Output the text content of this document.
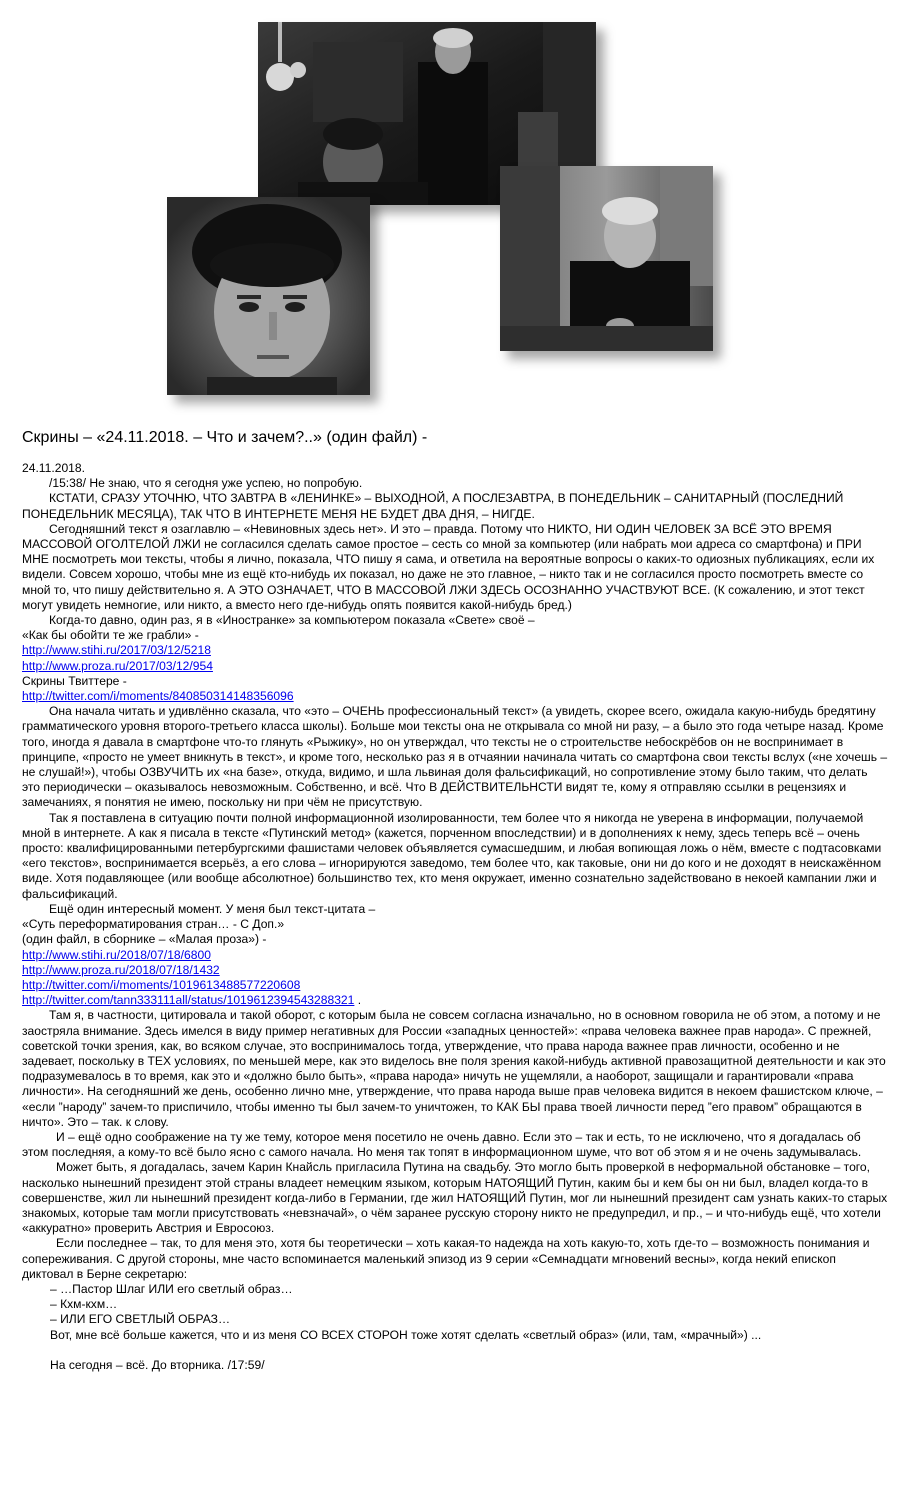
Скрины – «24.11.2018. – Что и зачем?..» (один файл) -

24.11.2018.

/15:38/ Не знаю, что я сегодня уже успею, но попробую.

КСТАТИ, СРАЗУ УТОЧНЮ, ЧТО ЗАВТРА В «ЛЕНИНКЕ» – ВЫХОДНОЙ, А ПОСЛЕЗАВТРА, В ПОНЕДЕЛЬНИК – САНИТАРНЫЙ (ПОСЛЕДНИЙ ПОНЕДЕЛЬНИК МЕСЯЦА), ТАК ЧТО В ИНТЕРНЕТЕ МЕНЯ НЕ БУДЕТ ДВА ДНЯ, – НИГДЕ.

Сегодняшний текст я озаглавлю – «Невиновных здесь нет». И это – правда. Потому что НИКТО, НИ ОДИН ЧЕЛОВЕК ЗА ВСЁ ЭТО ВРЕМЯ МАССОВОЙ ОГОЛТЕЛОЙ ЛЖИ не согласился сделать самое простое – сесть со мной за компьютер (или набрать мои адреса со смартфона) и ПРИ МНЕ посмотреть мои тексты, чтобы я лично, показала, ЧТО пишу я сама, и ответила на вероятные вопросы о каких-то одиозных публикациях, если их видели. Совсем хорошо, чтобы мне из ещё кто-нибудь их показал, но даже не это главное, – никто так и не согласился просто посмотреть вместе со мной то, что пишу действительно я. А ЭТО ОЗНАЧАЕТ, ЧТО В МАССОВОЙ ЛЖИ ЗДЕСЬ ОСОЗНАННО УЧАСТВУЮТ ВСЕ. (К сожалению, и этот текст могут увидеть немногие, или никто, а вместо него где-нибудь опять появится какой-нибудь бред.)

Когда-то давно, один раз, я в «Иностранке» за компьютером показала «Свете» своё –

«Как бы обойти те же грабли» -

http://www.stihi.ru/2017/03/12/5218

http://www.proza.ru/2017/03/12/954

Скрины Твиттере -

http://twitter.com/i/moments/840850314148356096

Она начала читать и удивлённо сказала, что «это – ОЧЕНЬ профессиональный текст» (а увидеть, скорее всего, ожидала какую-нибудь бредятину грамматического уровня второго-третьего класса школы). Больше мои тексты она не открывала со мной ни разу, – а было это года четыре назад. Кроме того, иногда я давала в смартфоне что-то глянуть «Рыжику», но он утверждал, что тексты не о строительстве небоскрёбов он не воспринимает в принципе, «просто не умеет вникнуть в текст», и кроме того, несколько раз я в отчаянии начинала читать со смартфона свои тексты вслух («не хочешь – не слушай!»), чтобы ОЗВУЧИТЬ их «на базе», откуда, видимо, и шла львиная доля фальсификаций, но сопротивление этому было таким, что делать это периодически – оказывалось невозможным. Собственно, и всё. Что В ДЕЙСТВИТЕЛЬНСТИ видят те, кому я отправляю ссылки в рецензиях и замечаниях, я понятия не имею, поскольку ни при чём не присутствую.

Так я поставлена в ситуацию почти полной информационной изолированности, тем более что я никогда не уверена в информации, получаемой мной в интернете. А как я писала в тексте «Путинский метод» (кажется, порченном впоследствии) и в дополнениях к нему, здесь теперь всё – очень просто: квалифицированными петербургскими фашистами человек объявляется сумасшедшим, и любая вопиющая ложь о нём, вместе с подтасовками «его текстов», воспринимается всерьёз, а его слова – игнорируются заведомо, тем более что, как таковые, они ни до кого и не доходят в неискажённом виде. Хотя подавляющее (или вообще абсолютное) большинство тех, кто меня окружает, именно сознательно задействовано в некоей кампании лжи и фальсификаций.

Ещё один интересный момент. У меня был текст-цитата –

«Суть переформатирования стран… - С Доп.»

(один файл, в сборнике – «Малая проза») -

http://www.stihi.ru/2018/07/18/6800

http://www.proza.ru/2018/07/18/1432

http://twitter.com/i/moments/1019613488577220608

http://twitter.com/tann333111all/status/1019612394543288321 .

Там я, в частности, цитировала и такой оборот, с которым была не совсем согласна изначально, но в основном говорила не об этом, а потому и не заостряла внимание. Здесь имелся в виду пример негативных для России «западных ценностей»: «права человека важнее прав народа». С прежней, советской точки зрения, как, во всяком случае, это воспринималось тогда, утверждение, что права народа важнее прав личности, особенно и не задевает, поскольку в ТЕХ условиях, по меньшей мере, как это виделось вне поля зрения какой-нибудь активной правозащитной деятельности и как это подразумевалось в то время, как это и «должно было быть», «права народа» ничуть не ущемляли, а наоборот, защищали и гарантировали «права личности». На сегодняшний же день, особенно лично мне, утверждение, что права народа выше прав человека видится в некоем фашистском ключе, – «если ”народу” зачем-то приспичило, чтобы именно ты был зачем-то уничтожен, то КАК БЫ права твоей личности перед ”его правом” обращаются в ничто». Это – так. к слову.

И – ещё одно соображение на ту же тему, которое меня посетило не очень давно. Если это – так и есть, то не исключено, что я догадалась об этом последняя, а кому-то всё было ясно с самого начала. Но меня так топят в информационном шуме, что вот об этом я и не очень задумывалась.

Может быть, я догадалась, зачем Карин Кнайсль пригласила Путина на свадьбу. Это могло быть проверкой в неформальной обстановке – того, насколько нынешний президент этой страны владеет немецким языком, которым НАТОЯЩИЙ Путин, каким бы и кем бы он ни был, владел когда-то в совершенстве, жил ли нынешний президент когда-либо в Германии, где жил НАТОЯЩИЙ Путин, мог ли нынешний президент сам узнать каких-то старых знакомых, которые там могли присутствовать «невзначай», о чём заранее русскую сторону никто не предупредил, и пр., – и что-нибудь ещё, что хотели «аккуратно» проверить Австрия и Евросоюз.

Если последнее – так, то для меня это, хотя бы теоретически – хоть какая-то надежда на хоть какую-то, хоть где-то – возможность понимания и сопереживания. С другой стороны, мне часто вспоминается маленький эпизод из 9 серии «Семнадцати мгновений весны», когда некий епископ диктовал в Берне секретарю:

– …Пастор Шлаг ИЛИ его светлый образ…

– Кхм-кхм…

– ИЛИ ЕГО СВЕТЛЫЙ ОБРАЗ…

Вот, мне всё больше кажется, что и из меня СО ВСЕХ СТОРОН тоже хотят сделать «светлый образ» (или, там, «мрачный») ...

На сегодня – всё. До вторника. /17:59/
